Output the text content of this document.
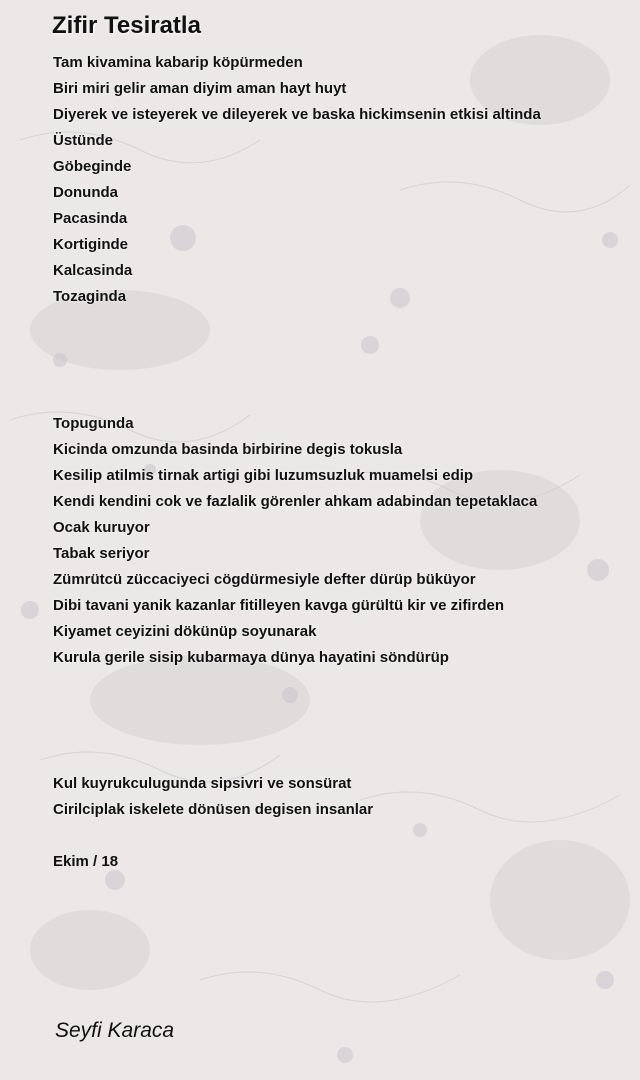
Zifir Tesiratla
Tam kivamina kabarip köpürmeden
Biri miri gelir aman diyim aman hayt huyt
Diyerek ve isteyerek ve dileyerek ve baska hickimsenin etkisi altinda
Üstünde
Göbeginde
Donunda
Pacasinda
Kortiginde
Kalcasinda
Tozaginda
Topugunda
Kicinda omzunda basinda birbirine degis tokusla
Kesilip atilmis tirnak artigi gibi luzumsuzluk muamelsi edip
Kendi kendini cok ve fazlalik görenler ahkam adabindan tepetaklaca
Ocak kuruyor
Tabak seriyor
Zümrütcü züccaciyeci cögdürmesiyle defter dürüp büküyor
Dibi tavani yanik kazanlar fitilleyen kavga gürültü kir ve zifirden
Kiyamet ceyizini dökünüp soyunarak
Kurula gerile sisip kubarmaya dünya hayatini söndürüp
Kul kuyrukculugunda sipsivri ve sonsürat
Cirilciplak iskelete dönüsen degisen insanlar
Ekim / 18
Seyfi Karaca
